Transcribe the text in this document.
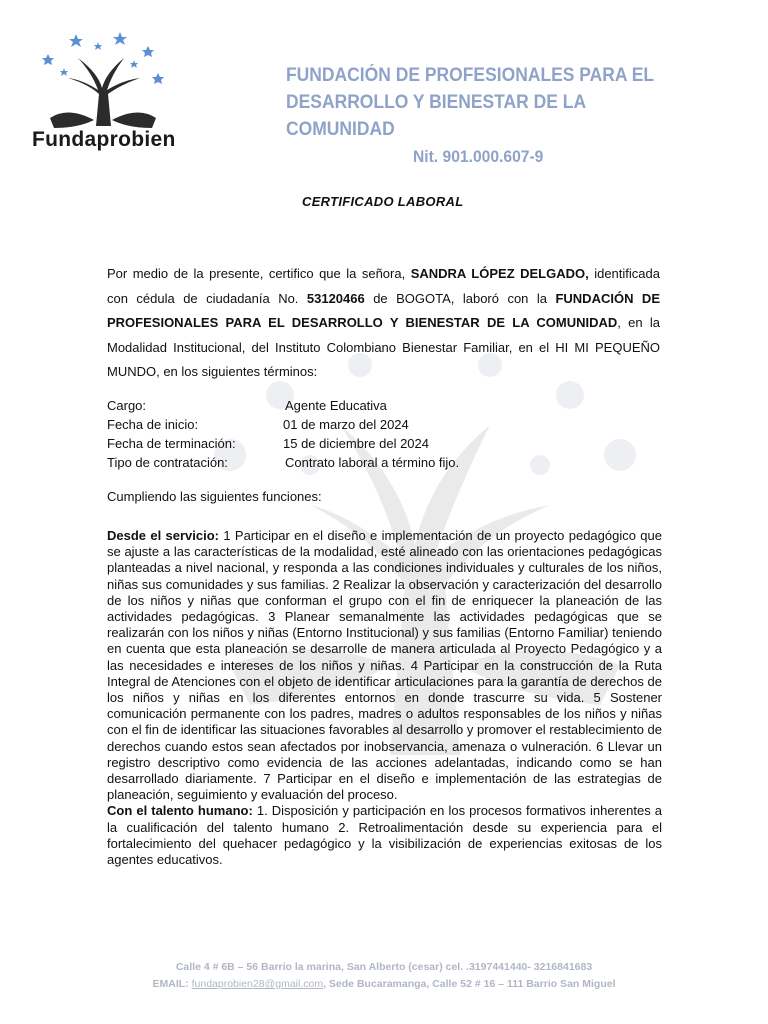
Fundaprobien
FUNDACIÓN DE PROFESIONALES PARA EL
DESARROLLO Y BIENESTAR DE LA COMUNIDAD
Nit. 901.000.607-9
CERTIFICADO LABORAL
Por medio de la presente, certifico que la señora, SANDRA LÓPEZ DELGADO, identificada con cédula de ciudadanía No. 53120466 de BOGOTA, laboró con la FUNDACIÓN DE PROFESIONALES PARA EL DESARROLLO Y BIENESTAR DE LA COMUNIDAD, en la Modalidad Institucional, del Instituto Colombiano Bienestar Familiar, en el HI MI PEQUEÑO MUNDO, en los siguientes términos:
Cargo:	Agente Educativa
Fecha de inicio:	01 de marzo del 2024
Fecha de terminación:	15 de diciembre del 2024
Tipo de contratación:	Contrato laboral a término fijo.
Cumpliendo las siguientes funciones:

Desde el servicio: 1 Participar en el diseño e implementación de un proyecto pedagógico que se ajuste a las características de la modalidad, esté alineado con las orientaciones pedagógicas planteadas a nivel nacional, y responda a las condiciones individuales y culturales de los niños, niñas sus comunidades y sus familias. 2 Realizar la observación y caracterización del desarrollo de los niños y niñas que conforman el grupo con el fin de enriquecer la planeación de las actividades pedagógicas. 3 Planear semanalmente las actividades pedagógicas que se realizarán con los niños y niñas (Entorno Institucional) y sus familias (Entorno Familiar) teniendo en cuenta que esta planeación se desarrolle de manera articulada al Proyecto Pedagógico y a las necesidades e intereses de los niños y niñas. 4 Participar en la construcción de la Ruta Integral de Atenciones con el objeto de identificar articulaciones para la garantía de derechos de los niños y niñas en los diferentes entornos en donde trascurre su vida. 5 Sostener comunicación permanente con los padres, madres o adultos responsables de los niños y niñas con el fin de identificar las situaciones favorables al desarrollo y promover el restablecimiento de derechos cuando estos sean afectados por inobservancia, amenaza o vulneración. 6 Llevar un registro descriptivo como evidencia de las acciones adelantadas, indicando como se han desarrollado diariamente. 7 Participar en el diseño e implementación de las estrategias de planeación, seguimiento y evaluación del proceso.

Con el talento humano: 1. Disposición y participación en los procesos formativos inherentes a la cualificación del talento humano 2. Retroalimentación desde su experiencia para el fortalecimiento del quehacer pedagógico y la visibilización de experiencias exitosas de los agentes educativos.

Calle 4 # 6B – 56 Barrio la marina, San Alberto (cesar) cel. .3197441440- 3216841683
EMAIL: fundaprobien28@gmail.com, Sede Bucaramanga, Calle 52 # 16 – 111 Barrio San Miguel
